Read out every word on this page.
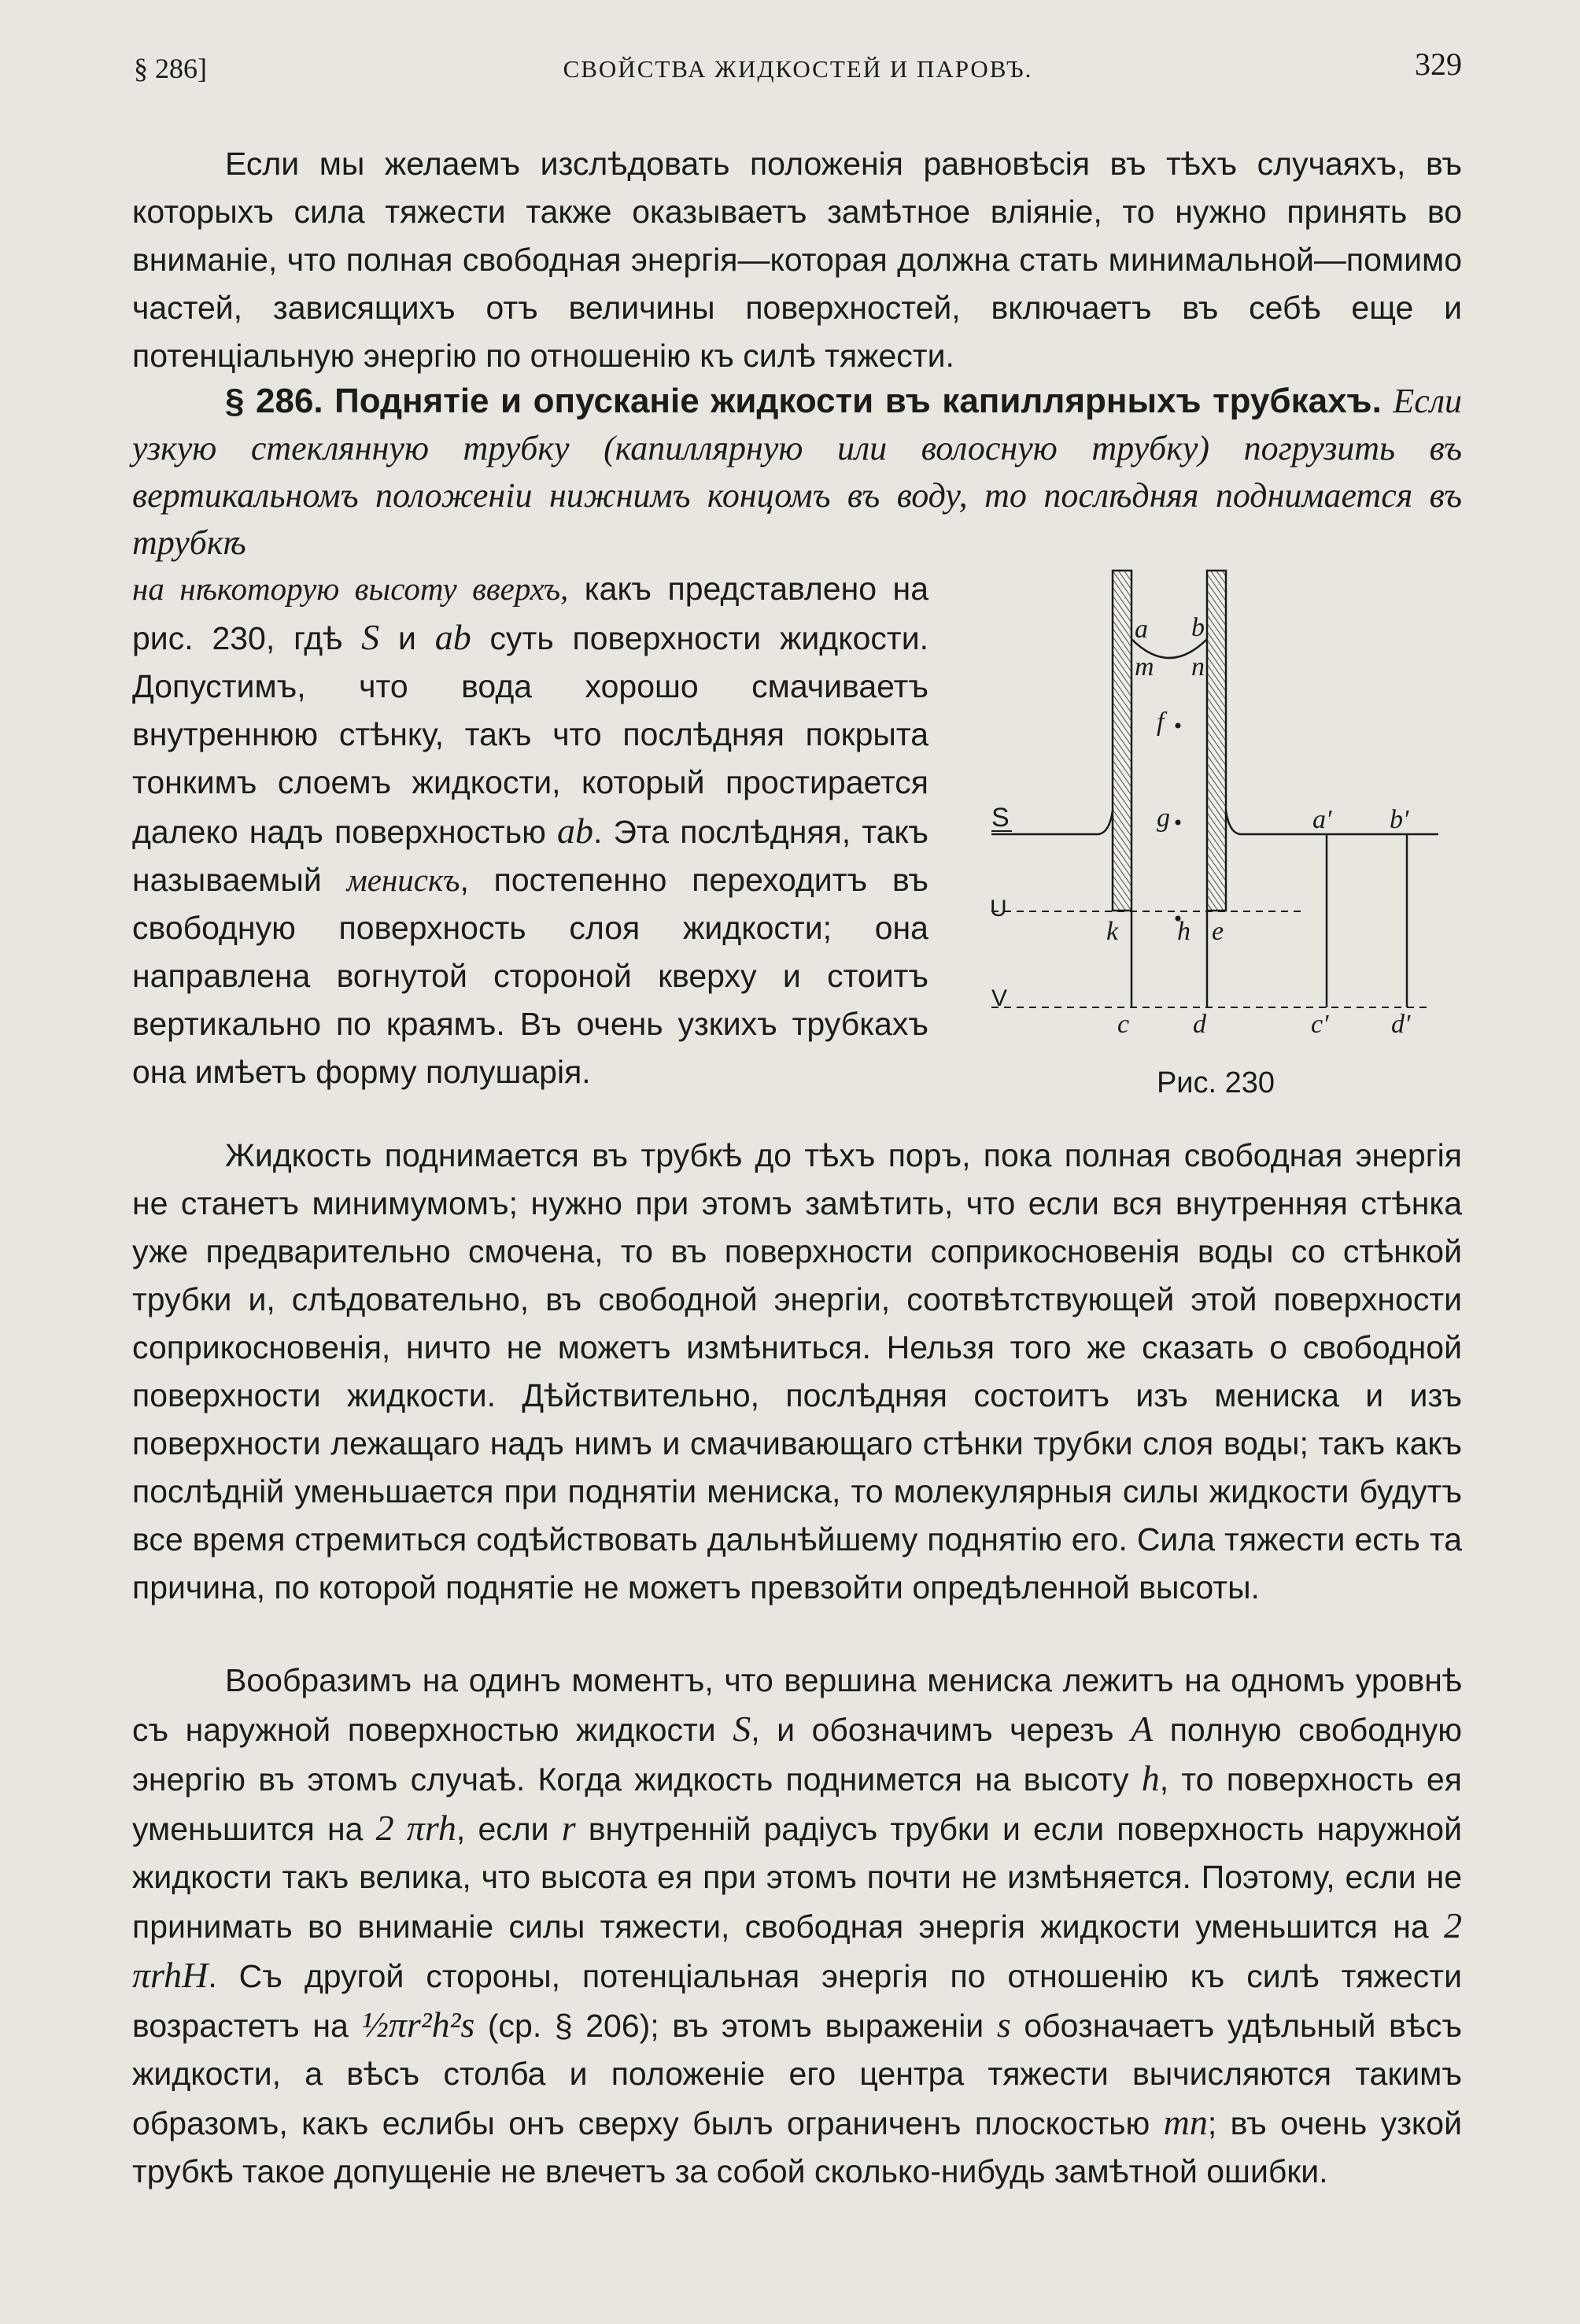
§ 286]	СВОЙСТВА ЖИДКОСТЕЙ И ПАРОВЪ.	329

Если мы желаемъ изслѣдовать положенія равновѣсія въ тѣхъ случаяхъ, въ которыхъ сила тяжести также оказываетъ замѣтное вліяніе, то нужно принять во вниманіе, что полная свободная энергія—которая должна стать минимальной—помимо частей, зависящихъ отъ величины поверхностей, включаетъ въ себѣ еще и потенціальную энергію по отношенію къ силѣ тяжести.

§ 286. Поднятіе и опусканіе жидкости въ капиллярныхъ трубкахъ. Если узкую стеклянную трубку (капиллярную или волосную трубку) погрузить въ вертикальномъ положеніи нижнимъ концомъ въ воду, то послѣдняя поднимается въ трубкѣ

на нѣкоторую высоту вверхъ, какъ представлено на рис. 230, гдѣ S и ab суть поверхности жидкости. Допустимъ, что вода хорошо смачиваетъ внутреннюю стѣнку, такъ что послѣдняя покрыта тонкимъ слоемъ жидкости, который простирается далеко надъ поверхностью ab. Эта послѣдняя, такъ называемый менискъ, постепенно переходитъ въ свободную поверхность слоя жидкости; она направлена вогнутой стороной кверху и стоитъ вертикально по краямъ. Въ очень узкихъ трубкахъ она имѣетъ форму полушарія.

a b
m n
f
g
k h e
c d
a′ b′
c′ d′
S
U
V
Рис. 230

Жидкость поднимается въ трубкѣ до тѣхъ поръ, пока полная свободная энергія не станетъ минимумомъ; нужно при этомъ замѣтить, что если вся внутренняя стѣнка уже предварительно смочена, то въ поверхности соприкосновенія воды со стѣнкой трубки и, слѣдовательно, въ свободной энергіи, соотвѣтствующей этой поверхности соприкосновенія, ничто не можетъ измѣниться. Нельзя того же сказать о свободной поверхности жидкости. Дѣйствительно, послѣдняя состоитъ изъ мениска и изъ поверхности лежащаго надъ нимъ и смачивающаго стѣнки трубки слоя воды; такъ какъ послѣдній уменьшается при поднятіи мениска, то молекулярныя силы жидкости будутъ все время стремиться содѣйствовать дальнѣйшему поднятію его. Сила тяжести есть та причина, по которой поднятіе не можетъ превзойти опредѣленной высоты.

Вообразимъ на одинъ моментъ, что вершина мениска лежитъ на одномъ уровнѣ съ наружной поверхностью жидкости S, и обозначимъ черезъ A полную свободную энергію въ этомъ случаѣ. Когда жидкость поднимется на высоту h, то поверхность ея уменьшится на 2 πrh, если r внутренній радіусъ трубки и если поверхность наружной жидкости такъ велика, что высота ея при этомъ почти не измѣняется. Поэтому, если не принимать во вниманіе силы тяжести, свободная энергія жидкости уменьшится на 2 πrhH. Съ другой стороны, потенціальная энергія по отношенію къ силѣ тяжести возрастетъ на ½πr²h²s (ср. § 206); въ этомъ выраженіи s обозначаетъ удѣльный вѣсъ жидкости, а вѣсъ столба и положеніе его центра тяжести вычисляются такимъ образомъ, какъ еслибы онъ сверху былъ ограниченъ плоскостью mn; въ очень узкой трубкѣ такое допущеніе не влечетъ за собой сколько-нибудь замѣтной ошибки.
